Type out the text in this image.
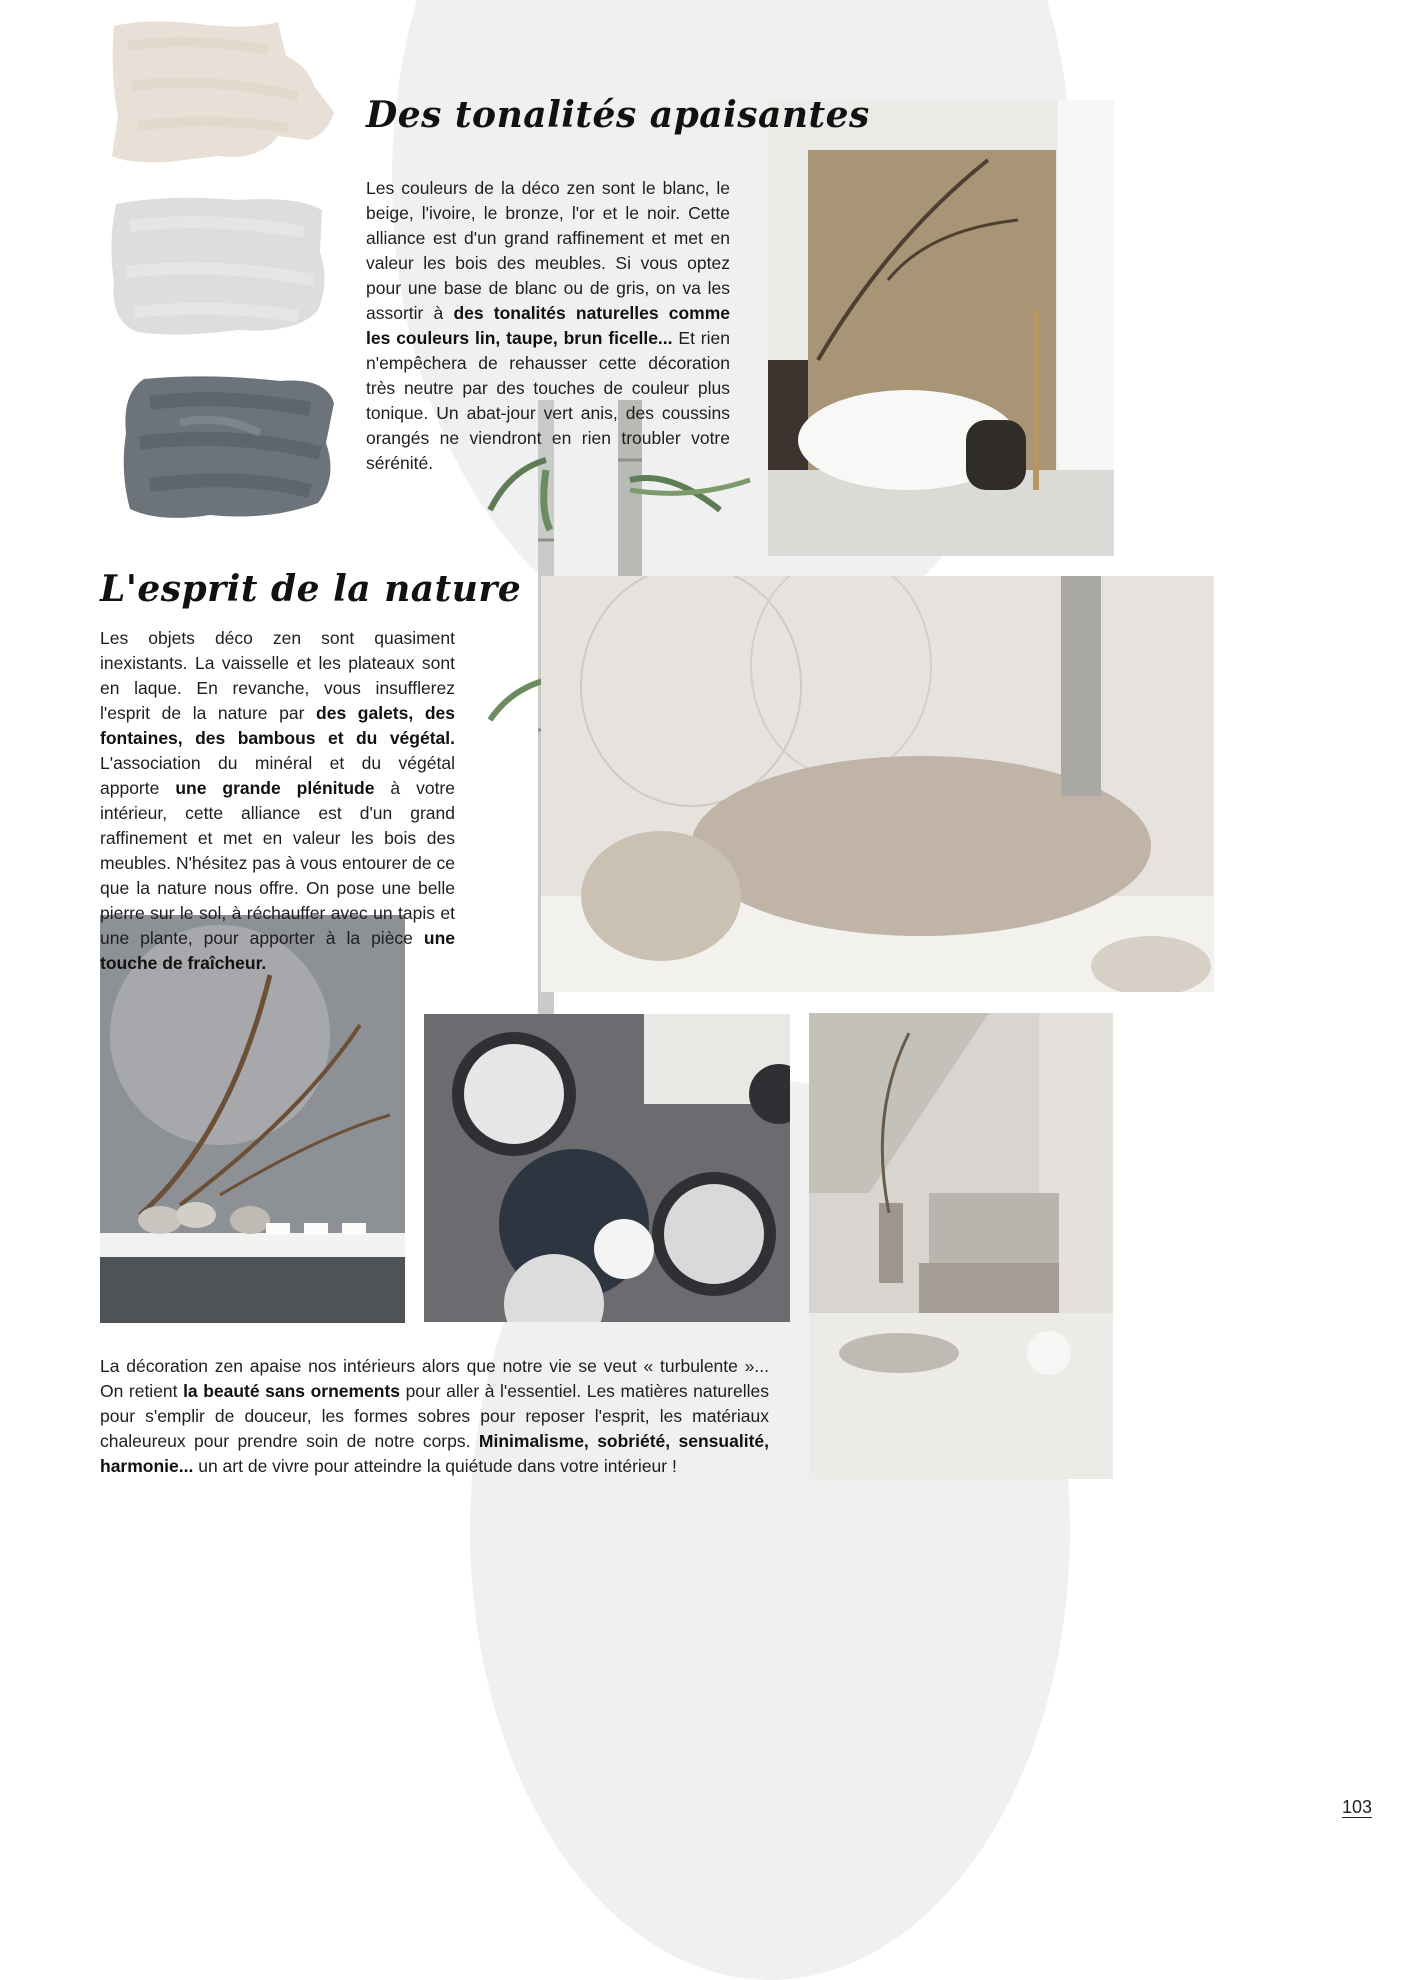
Des tonalités apaisantes

Les couleurs de la déco zen sont le blanc, le beige, l'ivoire, le bronze, l'or et le noir. Cette alliance est d'un grand raffinement et met en valeur les bois des meubles. Si vous optez pour une base de blanc ou de gris, on va les assortir à des tonalités naturelles comme les couleurs lin, taupe, brun ficelle... Et rien n'empêchera de rehausser cette décoration très neutre par des touches de couleur plus tonique. Un abat-jour vert anis, des coussins orangés ne viendront en rien troubler votre sérénité.

L'esprit de la nature

Les objets déco zen sont quasiment inexistants. La vaisselle et les plateaux sont en laque. En revanche, vous insufflerez l'esprit de la nature par des galets, des fontaines, des bambous et du végétal. L'association du minéral et du végétal apporte une grande plénitude à votre intérieur, cette alliance est d'un grand raffinement et met en valeur les bois des meubles. N'hésitez pas à vous entourer de ce que la nature nous offre. On pose une belle pierre sur le sol, à réchauffer avec un tapis et une plante, pour apporter à la pièce une touche de fraîcheur.

La décoration zen apaise nos intérieurs alors que notre vie se veut « turbulente »... On retient la beauté sans ornements pour aller à l'essentiel. Les matières naturelles pour s'emplir de douceur, les formes sobres pour reposer l'esprit, les matériaux chaleureux pour prendre soin de notre corps. Minimalisme, sobriété, sensualité, harmonie... un art de vivre pour atteindre la quiétude dans votre intérieur !

103
